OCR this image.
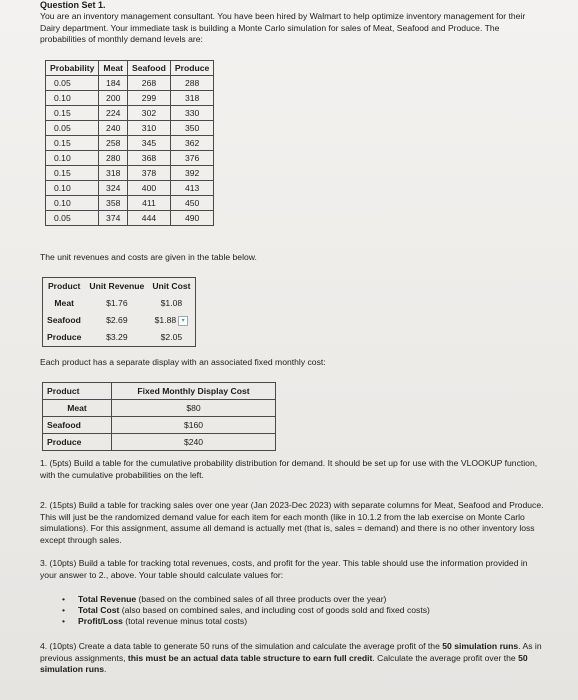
Question Set 1.
You are an inventory management consultant. You have been hired by Walmart to help optimize inventory management for their Dairy department. Your immediate task is building a Monte Carlo simulation for sales of Meat, Seafood and Produce. The probabilities of monthly demand levels are:
Probability	Meat	Seafood	Produce
0.05	184	268	288
0.10	200	299	318
0.15	224	302	330
0.05	240	310	350
0.15	258	345	362
0.10	280	368	376
0.15	318	378	392
0.10	324	400	413
0.10	358	411	450
0.05	374	444	490
The unit revenues and costs are given in the table below.
Product	Unit Revenue	Unit Cost
Meat	$1.76	$1.08
Seafood	$2.69	$1.88 ▾
Produce	$3.29	$2.05
Each product has a separate display with an associated fixed monthly cost:
Product	Fixed Monthly Display Cost
Meat	$80
Seafood	$160
Produce	$240
1. (5pts) Build a table for the cumulative probability distribution for demand. It should be set up for use with the VLOOKUP function, with the cumulative probabilities on the left.
2. (15pts) Build a table for tracking sales over one year (Jan 2023-Dec 2023) with separate columns for Meat, Seafood and Produce. This will just be the randomized demand value for each item for each month (like in 10.1.2 from the lab exercise on Monte Carlo simulations). For this assignment, assume all demand is actually met (that is, sales = demand) and there is no other inventory loss except through sales.
3. (10pts) Build a table for tracking total revenues, costs, and profit for the year. This table should use the information provided in your answer to 2., above. Your table should calculate values for:
• Total Revenue (based on the combined sales of all three products over the year)
• Total Cost (also based on combined sales, and including cost of goods sold and fixed costs)
• Profit/Loss (total revenue minus total costs)
4. (10pts) Create a data table to generate 50 runs of the simulation and calculate the average profit of the 50 simulation runs. As in previous assignments, this must be an actual data table structure to earn full credit. Calculate the average profit over the 50 simulation runs.
